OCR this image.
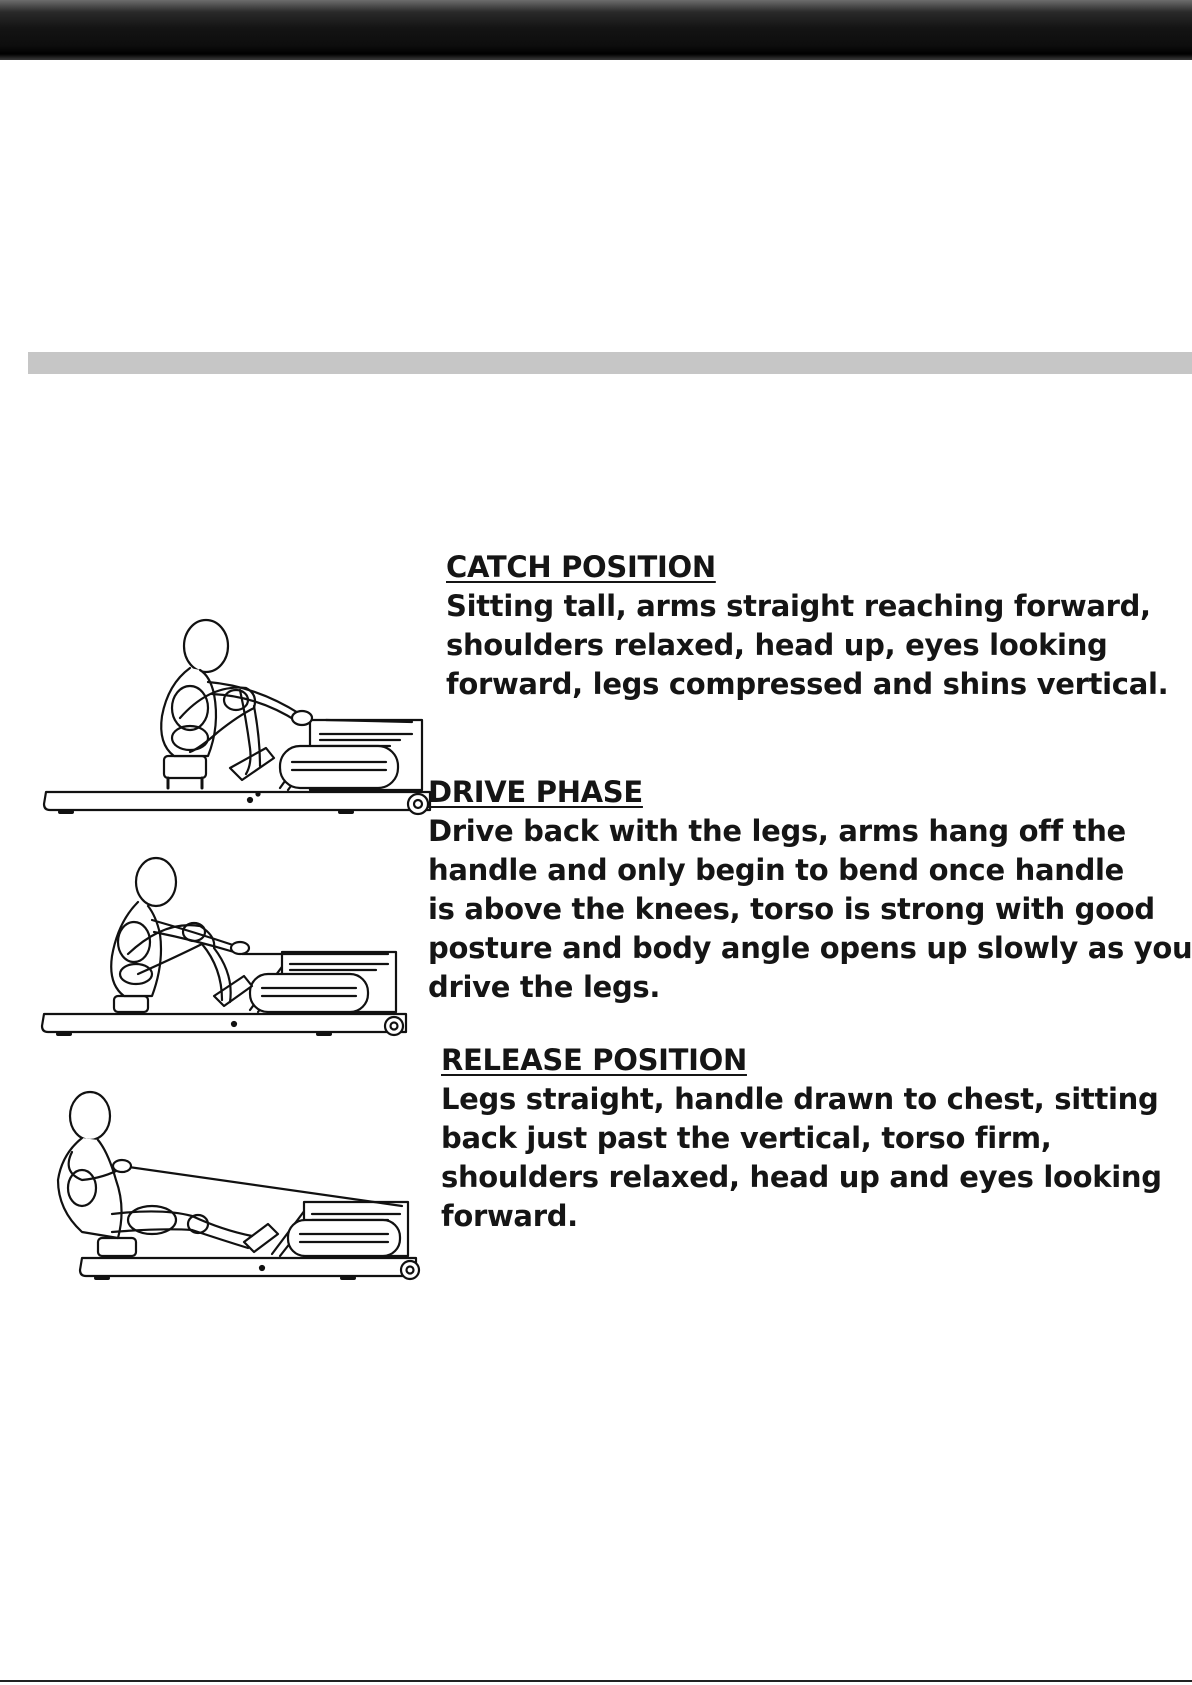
CATCH POSITION
Sitting tall, arms straight reaching forward,
shoulders relaxed, head up, eyes looking
forward, legs compressed and shins vertical.
DRIVE PHASE
Drive back with the legs, arms hang off the
handle and only begin to bend once handle
is above the knees, torso is strong with good
posture and body angle opens up slowly as you
drive the legs.
RELEASE POSITION
Legs straight, handle drawn to chest, sitting
back just past the vertical, torso firm,
shoulders relaxed, head up and eyes looking
forward.
